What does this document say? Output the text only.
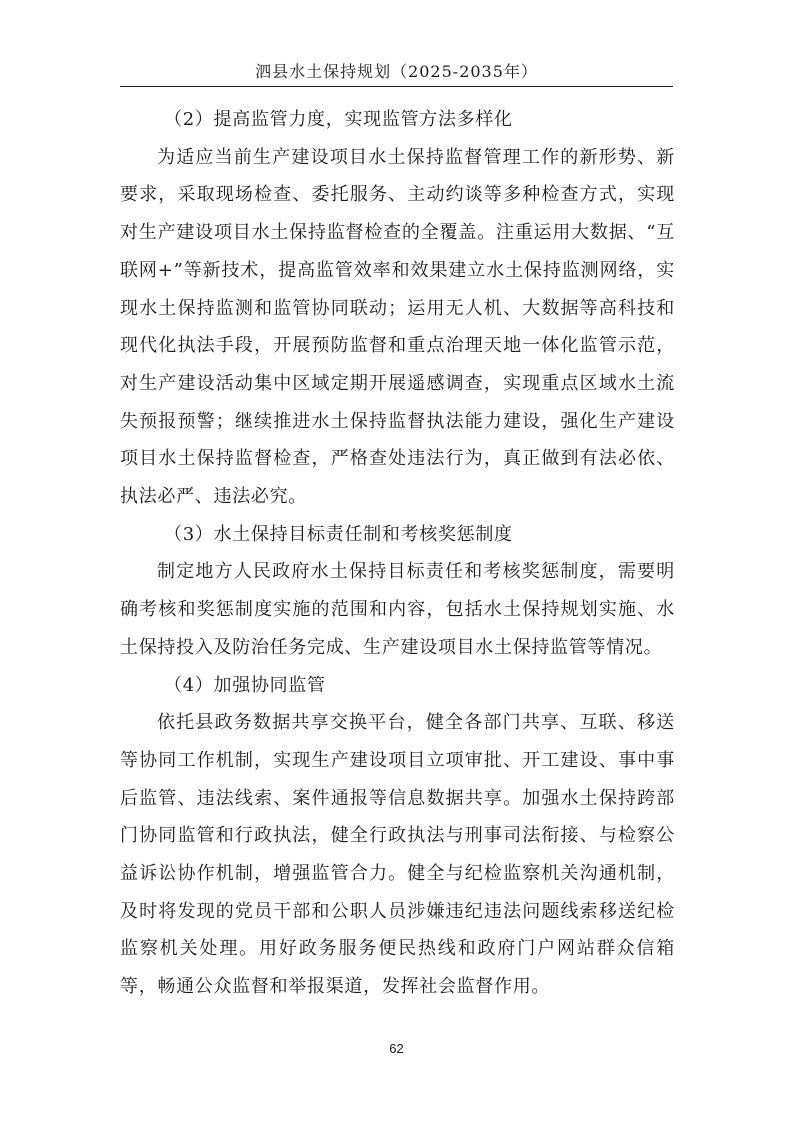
泗县水土保持规划（2025-2035年）

（2）提高监管力度，实现监管方法多样化

为适应当前生产建设项目水土保持监督管理工作的新形势、新要求，采取现场检查、委托服务、主动约谈等多种检查方式，实现对生产建设项目水土保持监督检查的全覆盖。注重运用大数据、“互联网+”等新技术，提高监管效率和效果建立水土保持监测网络，实现水土保持监测和监管协同联动；运用无人机、大数据等高科技和现代化执法手段，开展预防监督和重点治理天地一体化监管示范，对生产建设活动集中区域定期开展遥感调查，实现重点区域水土流失预报预警；继续推进水土保持监督执法能力建设，强化生产建设项目水土保持监督检查，严格查处违法行为，真正做到有法必依、执法必严、违法必究。

（3）水土保持目标责任制和考核奖惩制度

制定地方人民政府水土保持目标责任和考核奖惩制度，需要明确考核和奖惩制度实施的范围和内容，包括水土保持规划实施、水土保持投入及防治任务完成、生产建设项目水土保持监管等情况。

（4）加强协同监管

依托县政务数据共享交换平台，健全各部门共享、互联、移送等协同工作机制，实现生产建设项目立项审批、开工建设、事中事后监管、违法线索、案件通报等信息数据共享。加强水土保持跨部门协同监管和行政执法，健全行政执法与刑事司法衔接、与检察公益诉讼协作机制，增强监管合力。健全与纪检监察机关沟通机制，及时将发现的党员干部和公职人员涉嫌违纪违法问题线索移送纪检监察机关处理。用好政务服务便民热线和政府门户网站群众信箱等，畅通公众监督和举报渠道，发挥社会监督作用。

62
